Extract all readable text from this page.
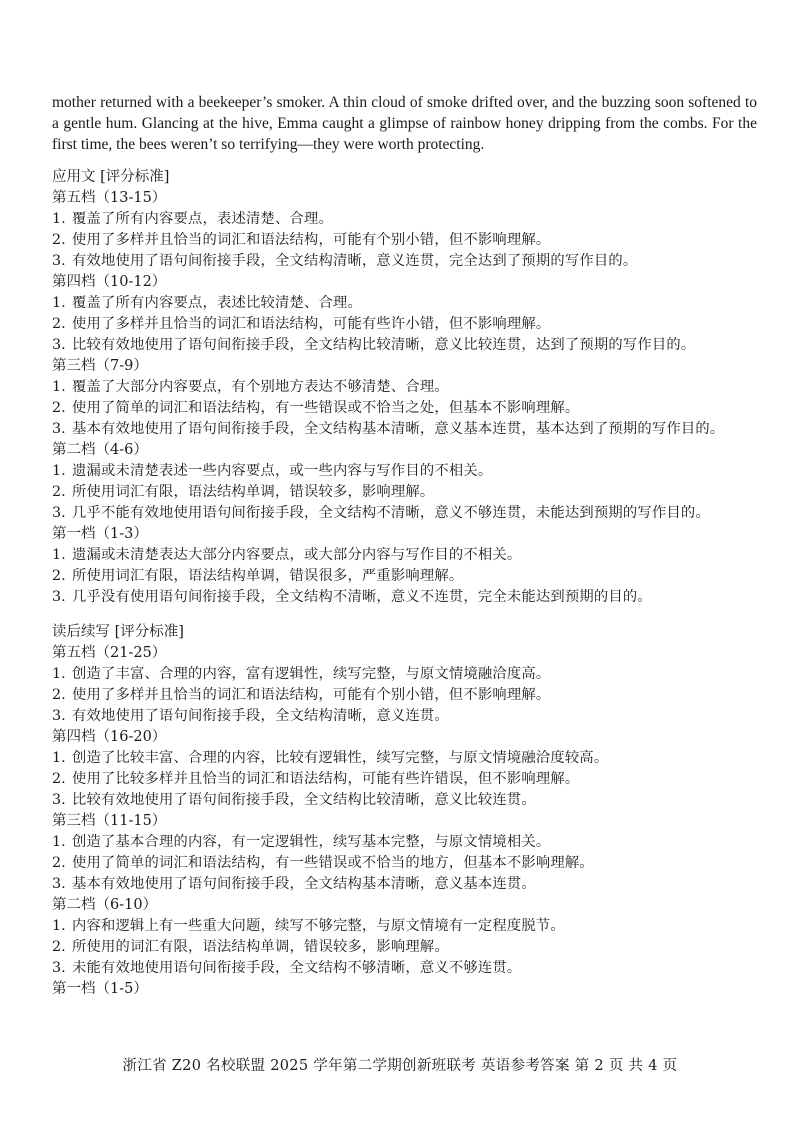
mother returned with a beekeeper’s smoker. A thin cloud of smoke drifted over, and the buzzing soon softened to a gentle hum. Glancing at the hive, Emma caught a glimpse of rainbow honey dripping from the combs. For the first time, the bees weren’t so terrifying—they were worth protecting.

应用文 [评分标准]
第五档（13-15）
1. 覆盖了所有内容要点，表述清楚、合理。
2. 使用了多样并且恰当的词汇和语法结构，可能有个别小错，但不影响理解。
3. 有效地使用了语句间衔接手段，全文结构清晰，意义连贯，完全达到了预期的写作目的。
第四档（10-12）
1. 覆盖了所有内容要点，表述比较清楚、合理。
2. 使用了多样并且恰当的词汇和语法结构，可能有些许小错，但不影响理解。
3. 比较有效地使用了语句间衔接手段，全文结构比较清晰，意义比较连贯，达到了预期的写作目的。
第三档（7-9）
1. 覆盖了大部分内容要点，有个别地方表达不够清楚、合理。
2. 使用了简单的词汇和语法结构，有一些错误或不恰当之处，但基本不影响理解。
3. 基本有效地使用了语句间衔接手段，全文结构基本清晰，意义基本连贯，基本达到了预期的写作目的。
第二档（4-6）
1. 遗漏或未清楚表述一些内容要点，或一些内容与写作目的不相关。
2. 所使用词汇有限，语法结构单调，错误较多，影响理解。
3. 几乎不能有效地使用语句间衔接手段，全文结构不清晰，意义不够连贯，未能达到预期的写作目的。
第一档（1-3）
1. 遗漏或未清楚表达大部分内容要点，或大部分内容与写作目的不相关。
2. 所使用词汇有限，语法结构单调，错误很多，严重影响理解。
3. 几乎没有使用语句间衔接手段，全文结构不清晰，意义不连贯，完全未能达到预期的目的。
读后续写 [评分标准]
第五档（21-25）
1. 创造了丰富、合理的内容，富有逻辑性，续写完整，与原文情境融洽度高。
2. 使用了多样并且恰当的词汇和语法结构，可能有个别小错，但不影响理解。
3. 有效地使用了语句间衔接手段，全文结构清晰，意义连贯。
第四档（16-20）
1. 创造了比较丰富、合理的内容，比较有逻辑性，续写完整，与原文情境融洽度较高。
2. 使用了比较多样并且恰当的词汇和语法结构，可能有些许错误，但不影响理解。
3. 比较有效地使用了语句间衔接手段，全文结构比较清晰，意义比较连贯。
第三档（11-15）
1. 创造了基本合理的内容，有一定逻辑性，续写基本完整，与原文情境相关。
2. 使用了简单的词汇和语法结构，有一些错误或不恰当的地方，但基本不影响理解。
3. 基本有效地使用了语句间衔接手段，全文结构基本清晰，意义基本连贯。
第二档（6-10）
1. 内容和逻辑上有一些重大问题，续写不够完整，与原文情境有一定程度脱节。
2. 所使用的词汇有限，语法结构单调，错误较多，影响理解。
3. 未能有效地使用语句间衔接手段，全文结构不够清晰，意义不够连贯。
第一档（1-5）
浙江省 Z20 名校联盟 2025 学年第二学期创新班联考 英语参考答案 第 2 页 共 4 页
